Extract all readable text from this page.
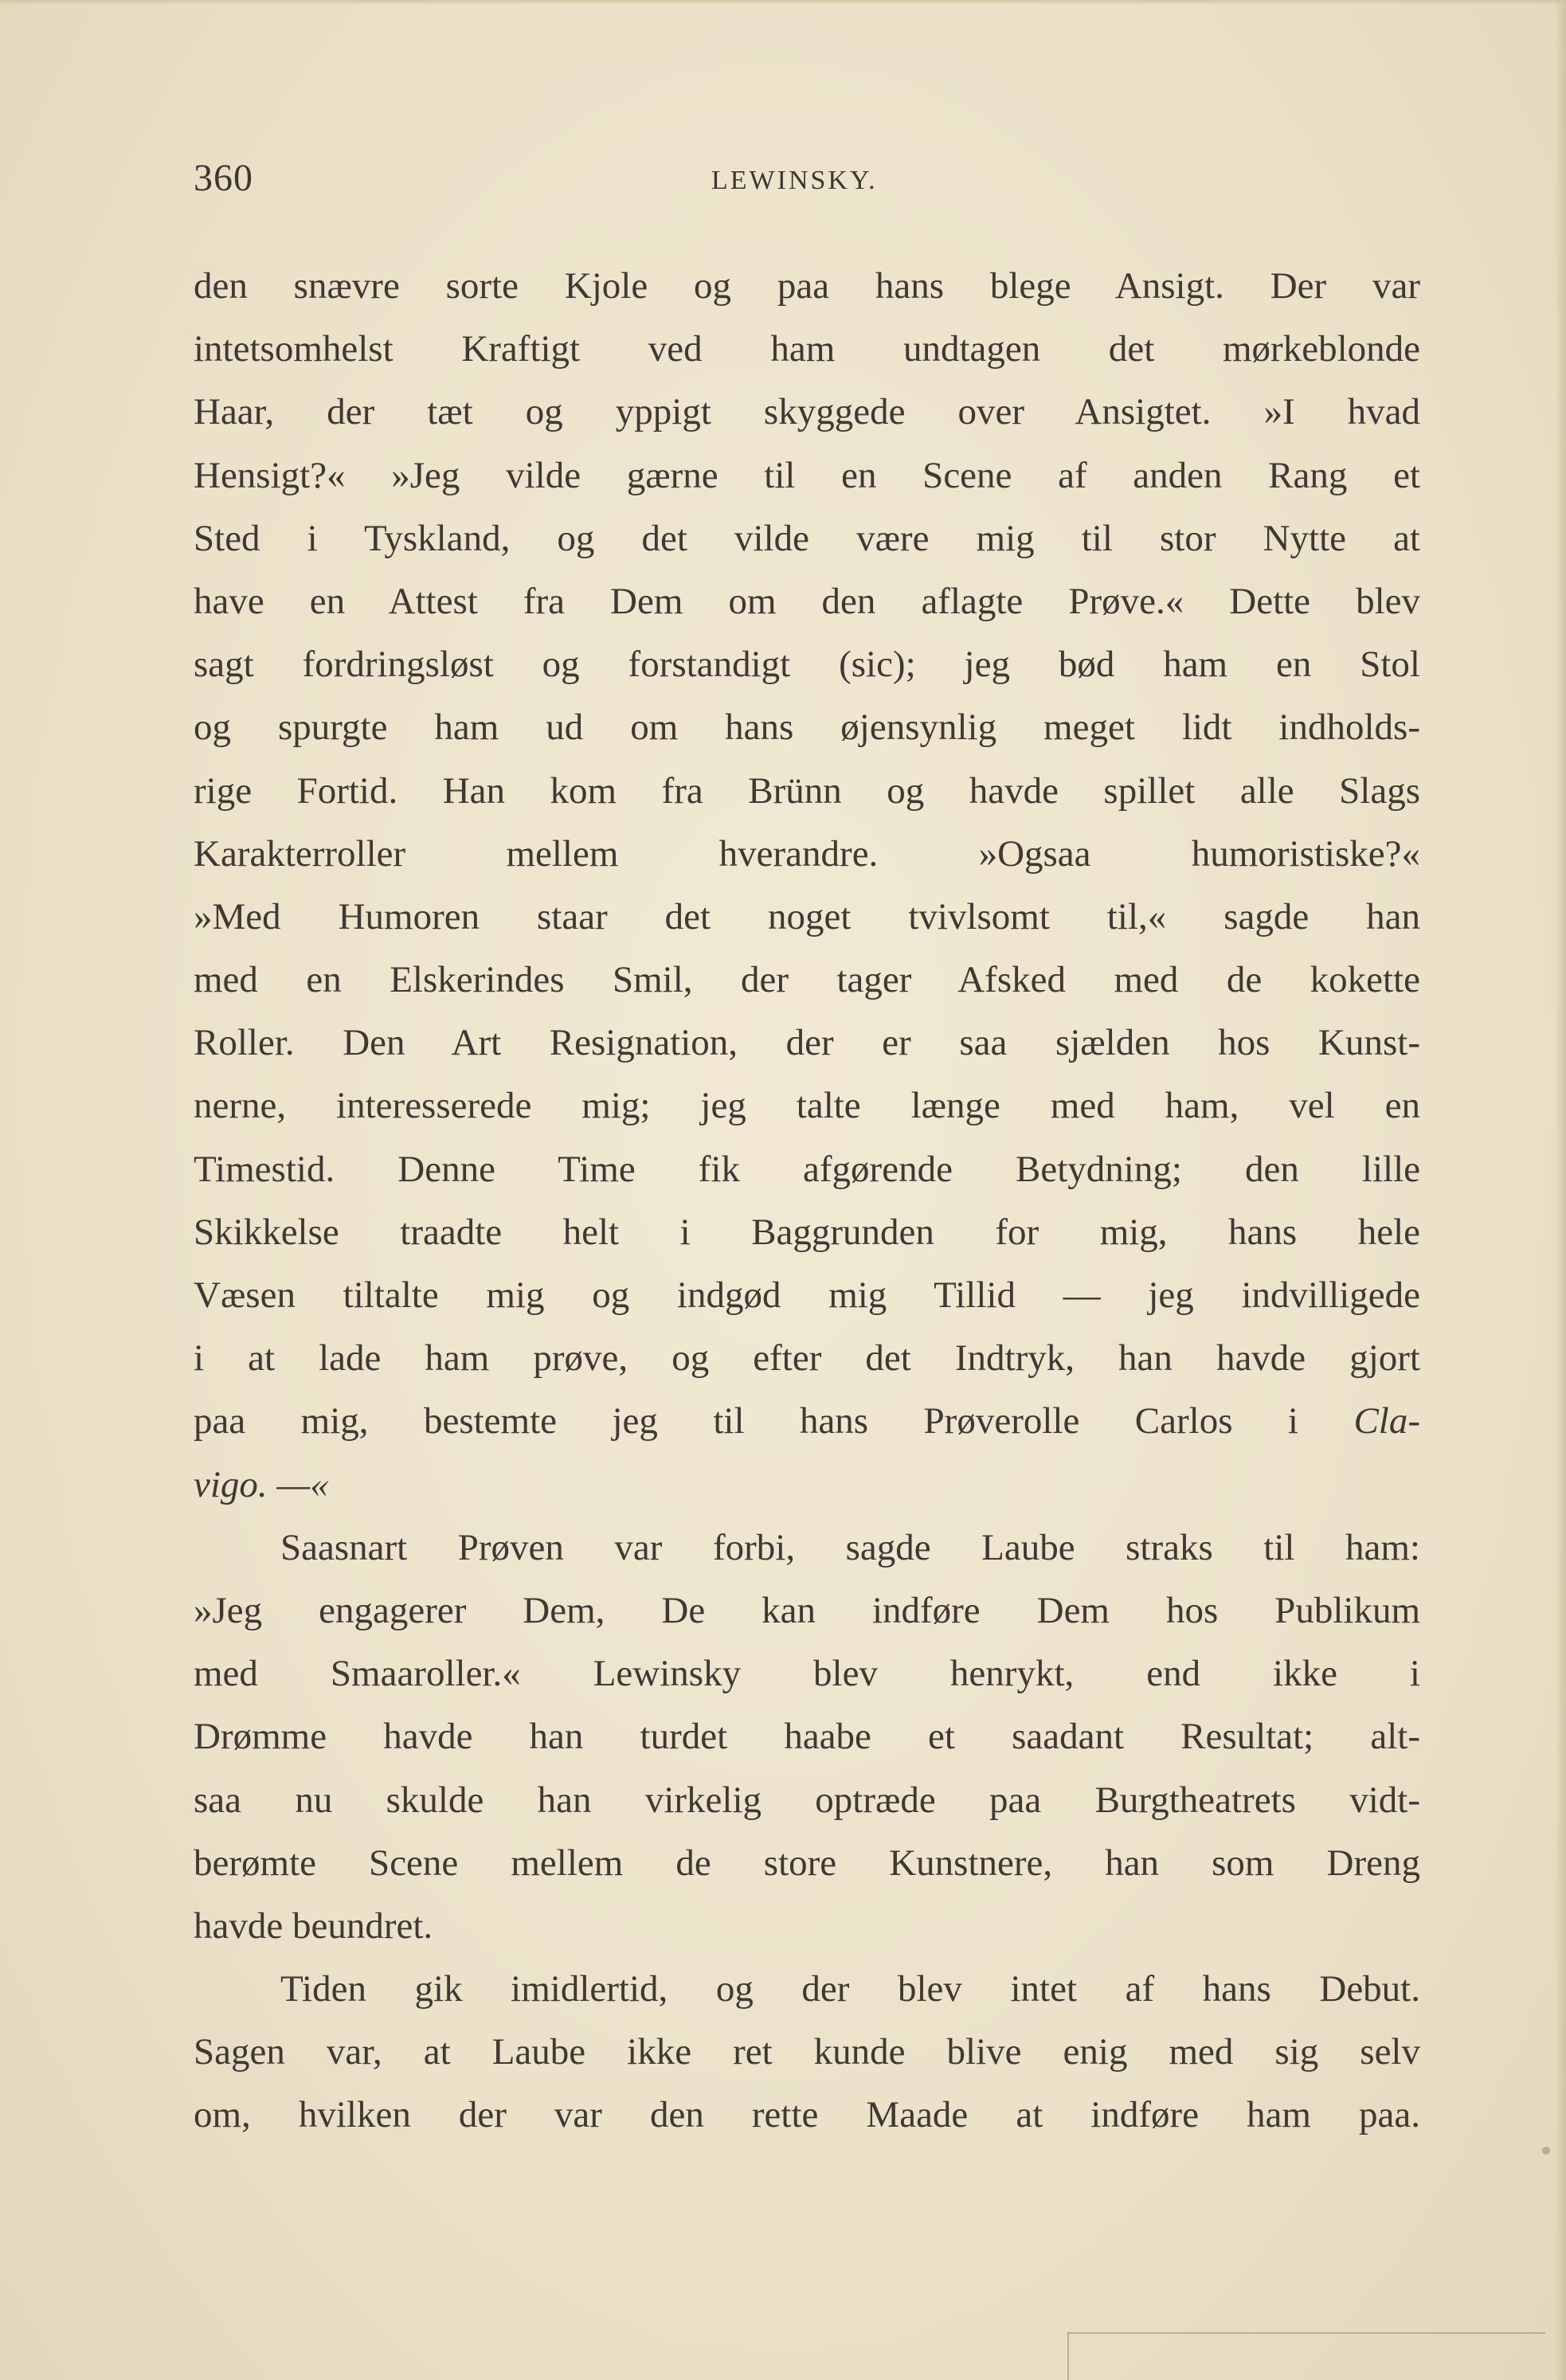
360	LEWINSKY.
den snævre sorte Kjole og paa hans blege Ansigt. Der var
intetsomhelst Kraftigt ved ham undtagen det mørkeblonde
Haar, der tæt og yppigt skyggede over Ansigtet. »I hvad
Hensigt?« »Jeg vilde gærne til en Scene af anden Rang et
Sted i Tyskland, og det vilde være mig til stor Nytte at
have en Attest fra Dem om den aflagte Prøve.« Dette blev
sagt fordringsløst og forstandigt (sic); jeg bød ham en Stol
og spurgte ham ud om hans øjensynlig meget lidt indholds-
rige Fortid. Han kom fra Brünn og havde spillet alle Slags
Karakterroller mellem hverandre. »Ogsaa humoristiske?«
»Med Humoren staar det noget tvivlsomt til,« sagde han
med en Elskerindes Smil, der tager Afsked med de kokette
Roller. Den Art Resignation, der er saa sjælden hos Kunst-
nerne, interesserede mig; jeg talte længe med ham, vel en
Timestid. Denne Time fik afgørende Betydning; den lille
Skikkelse traadte helt i Baggrunden for mig, hans hele
Væsen tiltalte mig og indgød mig Tillid — jeg indvilligede
i at lade ham prøve, og efter det Indtryk, han havde gjort
paa mig, bestemte jeg til hans Prøverolle Carlos i Cla-
vigo. —«
Saasnart Prøven var forbi, sagde Laube straks til ham:
»Jeg engagerer Dem, De kan indføre Dem hos Publikum
med Smaaroller.« Lewinsky blev henrykt, end ikke i
Drømme havde han turdet haabe et saadant Resultat; alt-
saa nu skulde han virkelig optræde paa Burgtheatrets vidt-
berømte Scene mellem de store Kunstnere, han som Dreng
havde beundret.
Tiden gik imidlertid, og der blev intet af hans Debut.
Sagen var, at Laube ikke ret kunde blive enig med sig selv
om, hvilken der var den rette Maade at indføre ham paa.
